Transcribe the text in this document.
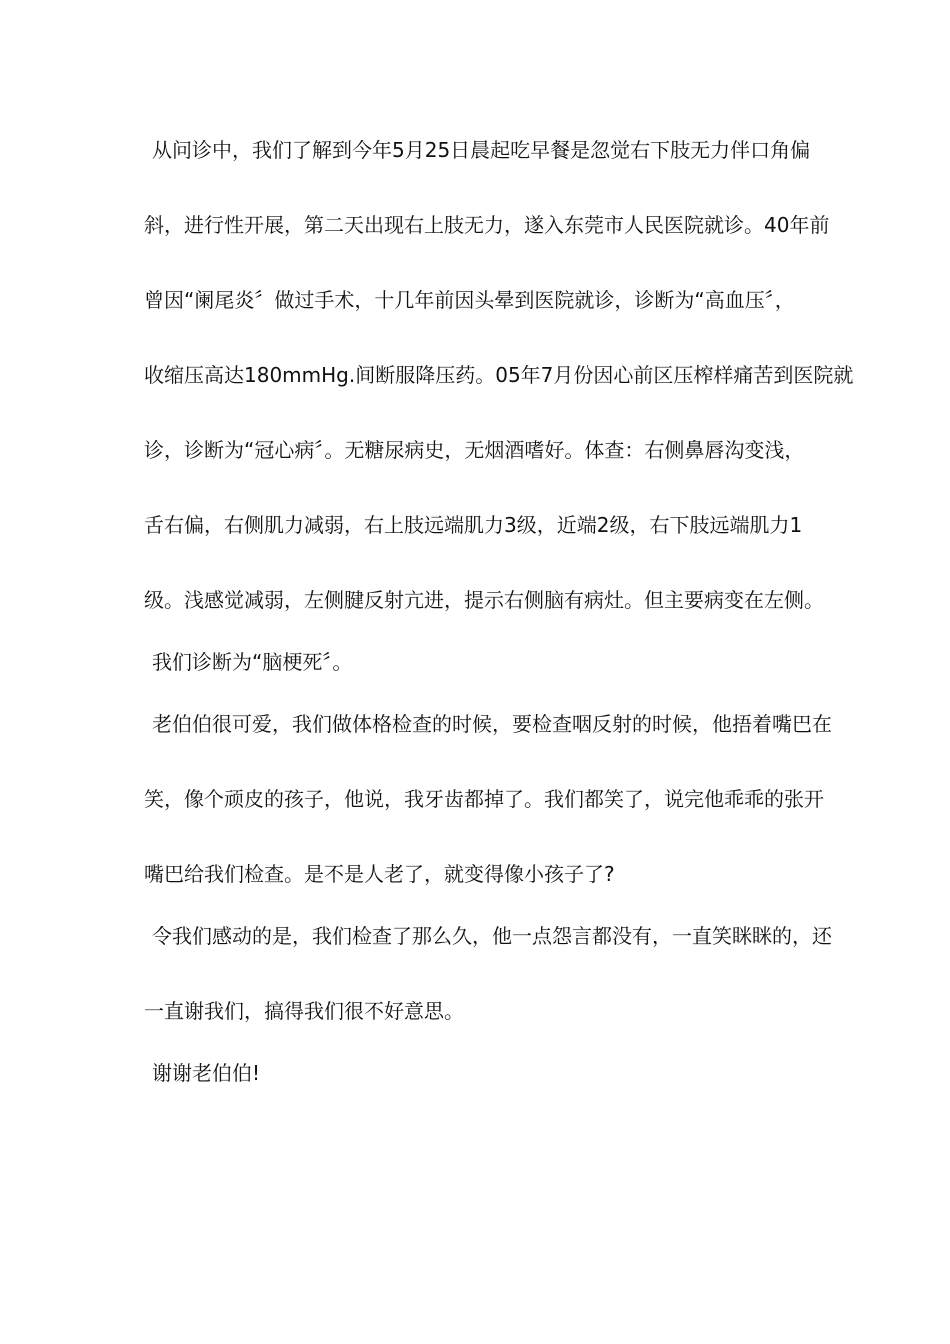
从问诊中，我们了解到今年5月25日晨起吃早餐是忽觉右下肢无力伴口角偏
斜，进行性开展，第二天出现右上肢无力，遂入东莞市人民医院就诊。40年前
曾因“阑尾炎〞做过手术，十几年前因头晕到医院就诊，诊断为“高血压〞，
收缩压高达180mmHg.间断服降压药。05年7月份因心前区压榨样痛苦到医院就
诊，诊断为“冠心病〞。无糖尿病史，无烟酒嗜好。体查：右侧鼻唇沟变浅，
舌右偏，右侧肌力减弱，右上肢远端肌力3级，近端2级，右下肢远端肌力1
级。浅感觉减弱，左侧腱反射亢进，提示右侧脑有病灶。但主要病变在左侧。
我们诊断为“脑梗死〞。
老伯伯很可爱，我们做体格检查的时候，要检查咽反射的时候，他捂着嘴巴在
笑，像个顽皮的孩子，他说，我牙齿都掉了。我们都笑了，说完他乖乖的张开
嘴巴给我们检查。是不是人老了，就变得像小孩子了?
令我们感动的是，我们检查了那么久，他一点怨言都没有，一直笑眯眯的，还
一直谢我们，搞得我们很不好意思。
谢谢老伯伯!
